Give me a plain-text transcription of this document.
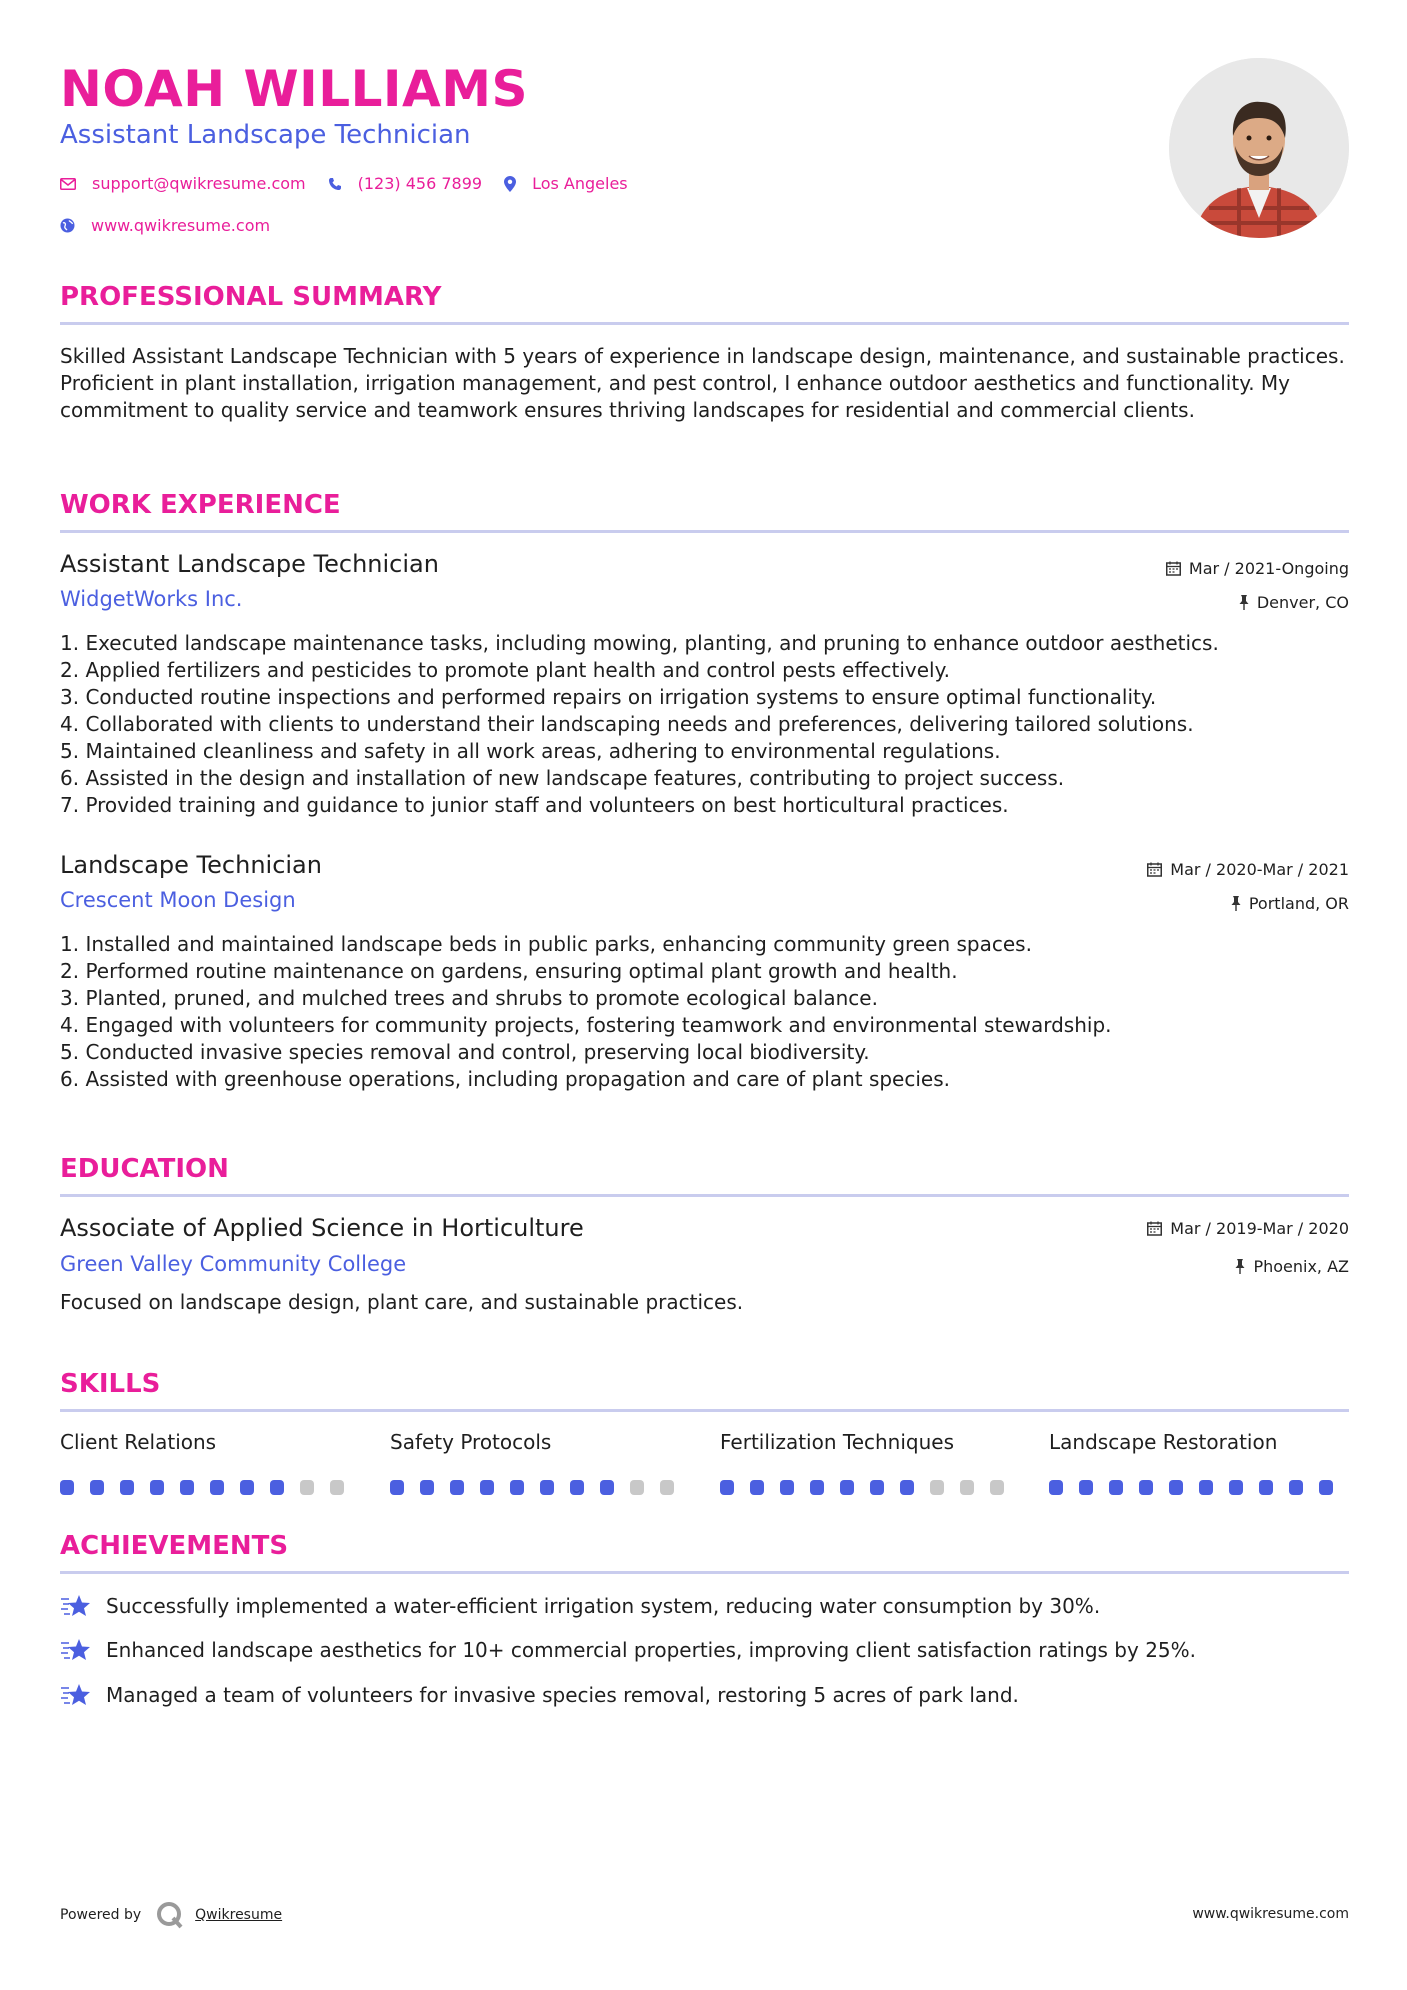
NOAH WILLIAMS
Assistant Landscape Technician
support@qwikresume.com	(123) 456 7899	Los Angeles
www.qwikresume.com
PROFESSIONAL SUMMARY
Skilled Assistant Landscape Technician with 5 years of experience in landscape design, maintenance, and sustainable practices. Proficient in plant installation, irrigation management, and pest control, I enhance outdoor aesthetics and functionality. My commitment to quality service and teamwork ensures thriving landscapes for residential and commercial clients.
WORK EXPERIENCE
Assistant Landscape Technician	Mar / 2021-Ongoing
WidgetWorks Inc.	Denver, CO
1. Executed landscape maintenance tasks, including mowing, planting, and pruning to enhance outdoor aesthetics.
2. Applied fertilizers and pesticides to promote plant health and control pests effectively.
3. Conducted routine inspections and performed repairs on irrigation systems to ensure optimal functionality.
4. Collaborated with clients to understand their landscaping needs and preferences, delivering tailored solutions.
5. Maintained cleanliness and safety in all work areas, adhering to environmental regulations.
6. Assisted in the design and installation of new landscape features, contributing to project success.
7. Provided training and guidance to junior staff and volunteers on best horticultural practices.
Landscape Technician	Mar / 2020-Mar / 2021
Crescent Moon Design	Portland, OR
1. Installed and maintained landscape beds in public parks, enhancing community green spaces.
2. Performed routine maintenance on gardens, ensuring optimal plant growth and health.
3. Planted, pruned, and mulched trees and shrubs to promote ecological balance.
4. Engaged with volunteers for community projects, fostering teamwork and environmental stewardship.
5. Conducted invasive species removal and control, preserving local biodiversity.
6. Assisted with greenhouse operations, including propagation and care of plant species.
EDUCATION
Associate of Applied Science in Horticulture	Mar / 2019-Mar / 2020
Green Valley Community College	Phoenix, AZ
Focused on landscape design, plant care, and sustainable practices.
SKILLS
Client Relations	Safety Protocols	Fertilization Techniques	Landscape Restoration
ACHIEVEMENTS
Successfully implemented a water-efficient irrigation system, reducing water consumption by 30%.
Enhanced landscape aesthetics for 10+ commercial properties, improving client satisfaction ratings by 25%.
Managed a team of volunteers for invasive species removal, restoring 5 acres of park land.
Powered by	Qwikresume	www.qwikresume.com
